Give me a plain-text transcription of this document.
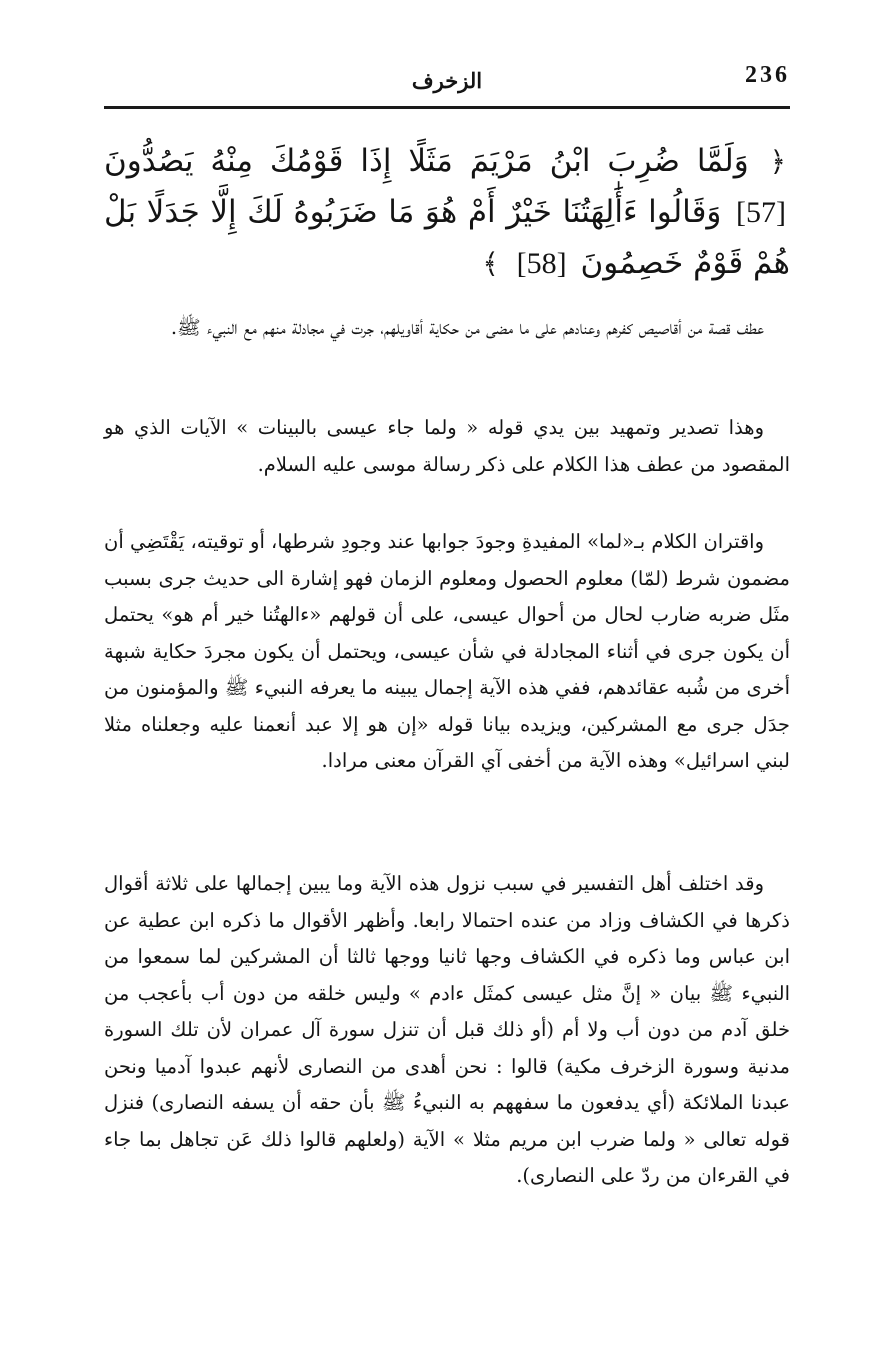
236
الزخرف
﴿ وَلَمَّا ضُرِبَ ابْنُ مَرْيَمَ مَثَلًا إِذَا قَوْمُكَ مِنْهُ يَصُدُّونَ [57] وَقَالُوا ءَأَٰلِهَتُنَا خَيْرٌ أَمْ هُوَ مَا ضَرَبُوهُ لَكَ إِلَّا جَدَلًا بَلْ هُمْ قَوْمٌ خَصِمُونَ [58] ﴾

عطف قصة من أقاصيص كفرهم وعنادهم على ما مضى من حكاية أقاويلهم، جرت في مجادلة منهم مع النبيء ﷺ.

وهذا تصدير وتمهيد بين يدي قوله « ولما جاء عيسى بالبينات » الآيات الذي هو المقصود من عطف هذا الكلام على ذكر رسالة موسى عليه السلام.

واقتران الكلام بـ«لما» المفيدةِ وجودَ جوابها عند وجودِ شرطها، أو توقيته، يَقْتَضِي أن مضمون شرط (لمّا) معلوم الحصول ومعلوم الزمان فهو إشارة الى حديث جرى بسبب مثَل ضربه ضارب لحال من أحوال عيسى، على أن قولهم «ءالهتُنا خير أم هو» يحتمل أن يكون جرى في أثناء المجادلة في شأن عيسى، ويحتمل أن يكون مجردَ حكاية شبهة أخرى من شُبه عقائدهم، ففي هذه الآية إجمال يبينه ما يعرفه النبيء ﷺ والمؤمنون من جدَل جرى مع المشركين، ويزيده بيانا قوله «إن هو إلا عبد أنعمنا عليه وجعلناه مثلا لبني اسرائيل» وهذه الآية من أخفى آي القرآن معنى مرادا.

وقد اختلف أهل التفسير في سبب نزول هذه الآية وما يبين إجمالها على ثلاثة أقوال ذكرها في الكشاف وزاد من عنده احتمالا رابعا. وأظهر الأقوال ما ذكره ابن عطية عن ابن عباس وما ذكره في الكشاف وجها ثانيا ووجها ثالثا أن المشركين لما سمعوا من النبيء ﷺ بيان « إنَّ مثل عيسى كمثَل ءادم » وليس خلقه من دون أب بأعجب من خلق آدم من دون أب ولا أم (أو ذلك قبل أن تنزل سورة آل عمران لأن تلك السورة مدنية وسورة الزخرف مكية) قالوا : نحن أهدى من النصارى لأنهم عبدوا آدميا ونحن عبدنا الملائكة (أي يدفعون ما سفههم به النبيءُ ﷺ بأن حقه أن يسفه النصارى) فنزل قوله تعالى « ولما ضرب ابن مريم مثلا » الآية (ولعلهم قالوا ذلك عَن تجاهل بما جاء في القرءان من ردّ على النصارى).
